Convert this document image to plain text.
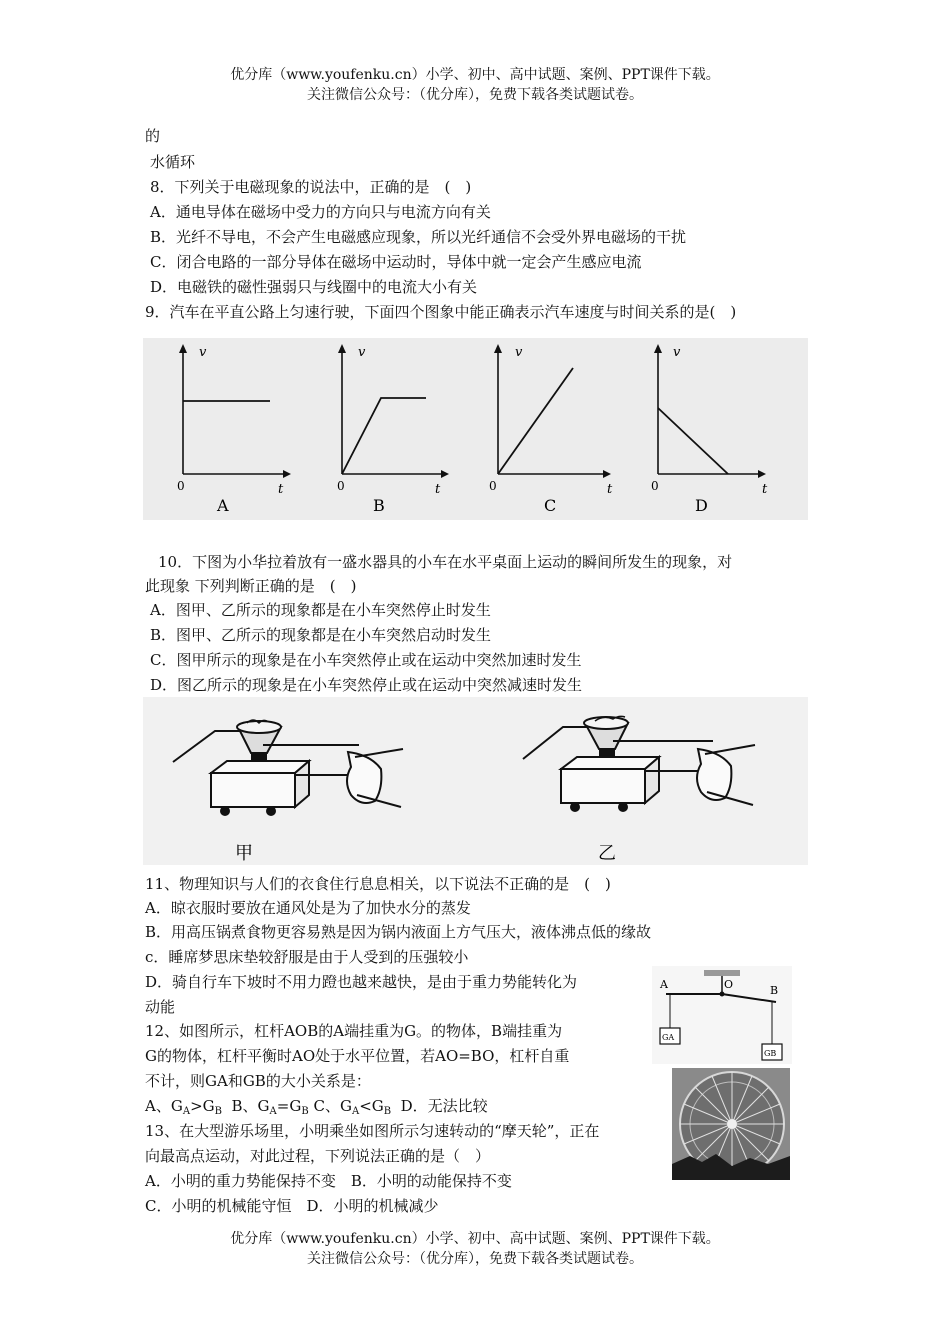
优分库（www.youfenku.cn）小学、初中、高中试题、案例、PPT课件下载。
关注微信公众号：（优分库），免费下载各类试题试卷。
的
水循环
8．下列关于电磁现象的说法中，正确的是　(　)
A．通电导体在磁场中受力的方向只与电流方向有关
B．光纤不导电，不会产生电磁感应现象，所以光纤通信不会受外界电磁场的干扰
C．闭合电路的一部分导体在磁场中运动时，导体中就一定会产生感应电流
D．电磁铁的磁性强弱只与线圈中的电流大小有关
9．汽车在平直公路上匀速行驶，下面四个图象中能正确表示汽车速度与时间关系的是(　)
v
t
0
A
v
t
0
B
v
t
0
C
v
t
0
D
10．下图为小华拉着放有一盛水器具的小车在水平桌面上运动的瞬间所发生的现象，对
此现象 下列判断正确的是　(　)
A．图甲、乙所示的现象都是在小车突然停止时发生
B．图甲、乙所示的现象都是在小车突然启动时发生
C．图甲所示的现象是在小车突然停止或在运动中突然加速时发生
D．图乙所示的现象是在小车突然停止或在运动中突然减速时发生
甲	乙
11、物理知识与人们的衣食住行息息相关，以下说法不正确的是　(　)
A．晾衣服时要放在通风处是为了加快水分的蒸发
B．用高压锅煮食物更容易熟是因为锅内液面上方气压大，液体沸点低的缘故
c．睡席梦思床垫较舒服是由于人受到的压强较小
D．骑自行车下坡时不用力蹬也越来越快，是由于重力势能转化为
动能
12、如图所示，杠杆AOB的A端挂重为G。的物体，B端挂重为
G的物体，杠杆平衡时AO处于水平位置，若AO=BO，杠杆自重
不计，则GA和GB的大小关系是：
A、$G_A>G_B$ B、$G_A=G_B$ C、$G_A<G_B$ D．无法比较
A	O	B
GA
GB
13、在大型游乐场里，小明乘坐如图所示匀速转动的“摩天轮”，正在
向最高点运动，对此过程，下列说法正确的是（　）
A．小明的重力势能保持不变　B．小明的动能保持不变
C．小明的机械能守恒　D．小明的机械减少
优分库（www.youfenku.cn）小学、初中、高中试题、案例、PPT课件下载。
关注微信公众号：（优分库），免费下载各类试题试卷。
